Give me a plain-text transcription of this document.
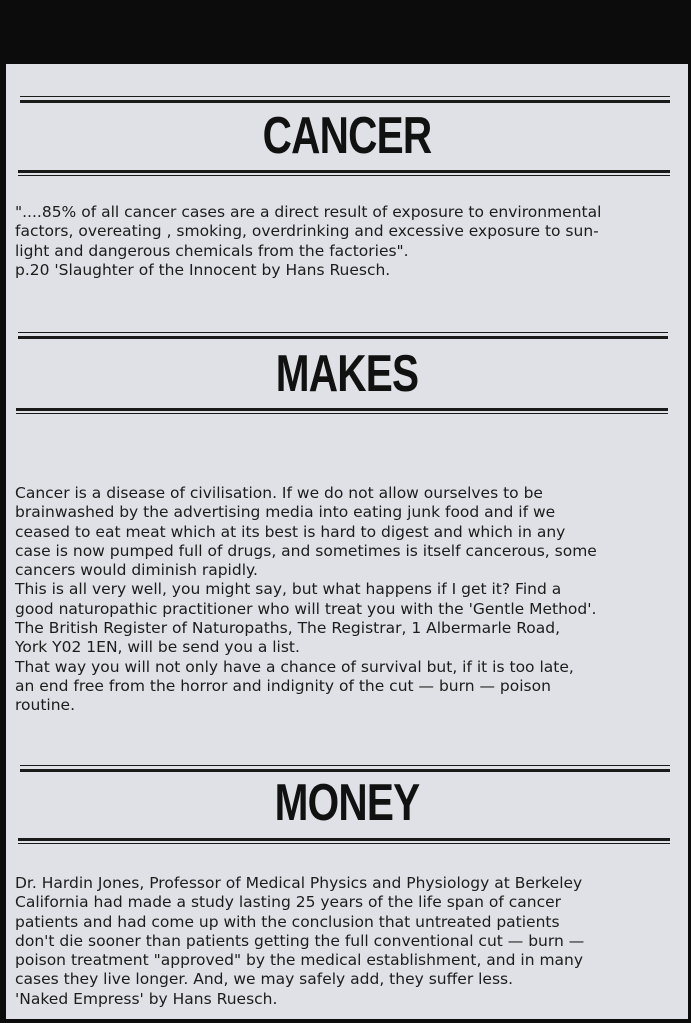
CANCER
"....85% of all cancer cases are a direct result of exposure to environmental
factors, overeating , smoking, overdrinking and excessive exposure to sun-
light and dangerous chemicals from the factories".
p.20 'Slaughter of the Innocent by Hans Ruesch.
MAKES
Cancer is a disease of civilisation. If we do not allow ourselves to be
brainwashed by the advertising media into eating junk food and if we
ceased to eat meat which at its best is hard to digest and which in any
case is now pumped full of drugs, and sometimes is itself cancerous, some
cancers would diminish rapidly.
This is all very well, you might say, but what happens if I get it? Find a
good naturopathic practitioner who will treat you with the 'Gentle Method'.
The British Register of Naturopaths, The Registrar, 1 Albermarle Road,
York Y02 1EN, will be send you a list.
That way you will not only have a chance of survival but, if it is too late,
an end free from the horror and indignity of the cut — burn — poison
routine.
MONEY
Dr. Hardin Jones, Professor of Medical Physics and Physiology at Berkeley
California had made a study lasting 25 years of the life span of cancer
patients and had come up with the conclusion that untreated patients
don't die sooner than patients getting the full conventional cut — burn —
poison treatment "approved" by the medical establishment, and in many
cases they live longer. And, we may safely add, they suffer less.
'Naked Empress' by Hans Ruesch.
